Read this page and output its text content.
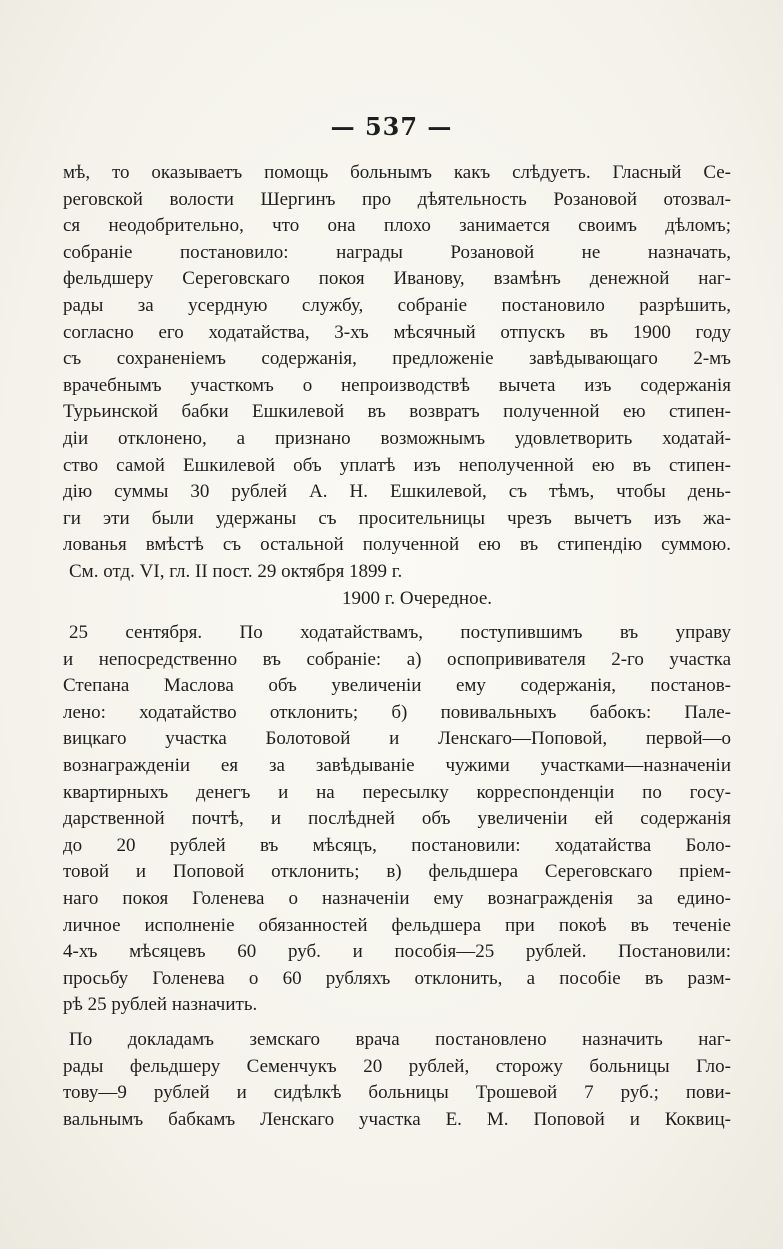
— 537 —
мѣ, то оказываетъ помощь больнымъ какъ слѣдуетъ. Гласный Се-
реговской волости Шергинъ про дѣятельность Розановой отозвал-
ся неодобрительно, что она плохо занимается своимъ дѣломъ;
собраніе постановило: награды Розановой не назначать,
фельдшеру Сереговскаго покоя Иванову, взамѣнъ денежной наг-
рады за усердную службу, собраніе постановило разрѣшить,
согласно его ходатайства, 3-хъ мѣсячный отпускъ въ 1900 году
съ сохраненіемъ содержанія, предложеніе завѣдывающаго 2-мъ
врачебнымъ участкомъ о непроизводствѣ вычета изъ содержанія
Турьинской бабки Ешкилевой въ возвратъ полученной ею стипен-
діи отклонено, а признано возможнымъ удовлетворить ходатай-
ство самой Ешкилевой объ уплатѣ изъ неполученной ею въ стипен-
дію суммы 30 рублей А. Н. Ешкилевой, съ тѣмъ, чтобы день-
ги эти были удержаны съ просительницы чрезъ вычетъ изъ жа-
лованья вмѣстѣ съ остальной полученной ею въ стипендію суммою.
См. отд. VI, гл. II пост. 29 октября 1899 г.
1900 г. Очередное.
25 сентября. По ходатайствамъ, поступившимъ въ управу
и непосредственно въ собраніе: а) оспопрививателя 2-го участка
Степана Маслова объ увеличеніи ему содержанія, постанов-
лено: ходатайство отклонить; б) повивальныхъ бабокъ: Пале-
вицкаго участка Болотовой и Ленскаго—Поповой, первой—о
вознагражденіи ея за завѣдываніе чужими участками—назначеніи
квартирныхъ денегъ и на пересылку корреспонденціи по госу-
дарственной почтѣ, и послѣдней объ увеличеніи ей содержанія
до 20 рублей въ мѣсяцъ, постановили: ходатайства Боло-
товой и Поповой отклонить; в) фельдшера Сереговскаго пріем-
наго покоя Голенева о назначеніи ему вознагражденія за едино-
личное исполненіе обязанностей фельдшера при покоѣ въ теченіе
4-хъ мѣсяцевъ 60 руб. и пособія—25 рублей. Постановили:
просьбу Голенева о 60 рубляхъ отклонить, а пособіе въ разм-
рѣ 25 рублей назначить.
По докладамъ земскаго врача постановлено назначить наг-
рады фельдшеру Семенчукъ 20 рублей, сторожу больницы Гло-
тову—9 рублей и сидѣлкѣ больницы Трошевой 7 руб.; пови-
вальнымъ бабкамъ Ленскаго участка Е. М. Поповой и Коквиц-
